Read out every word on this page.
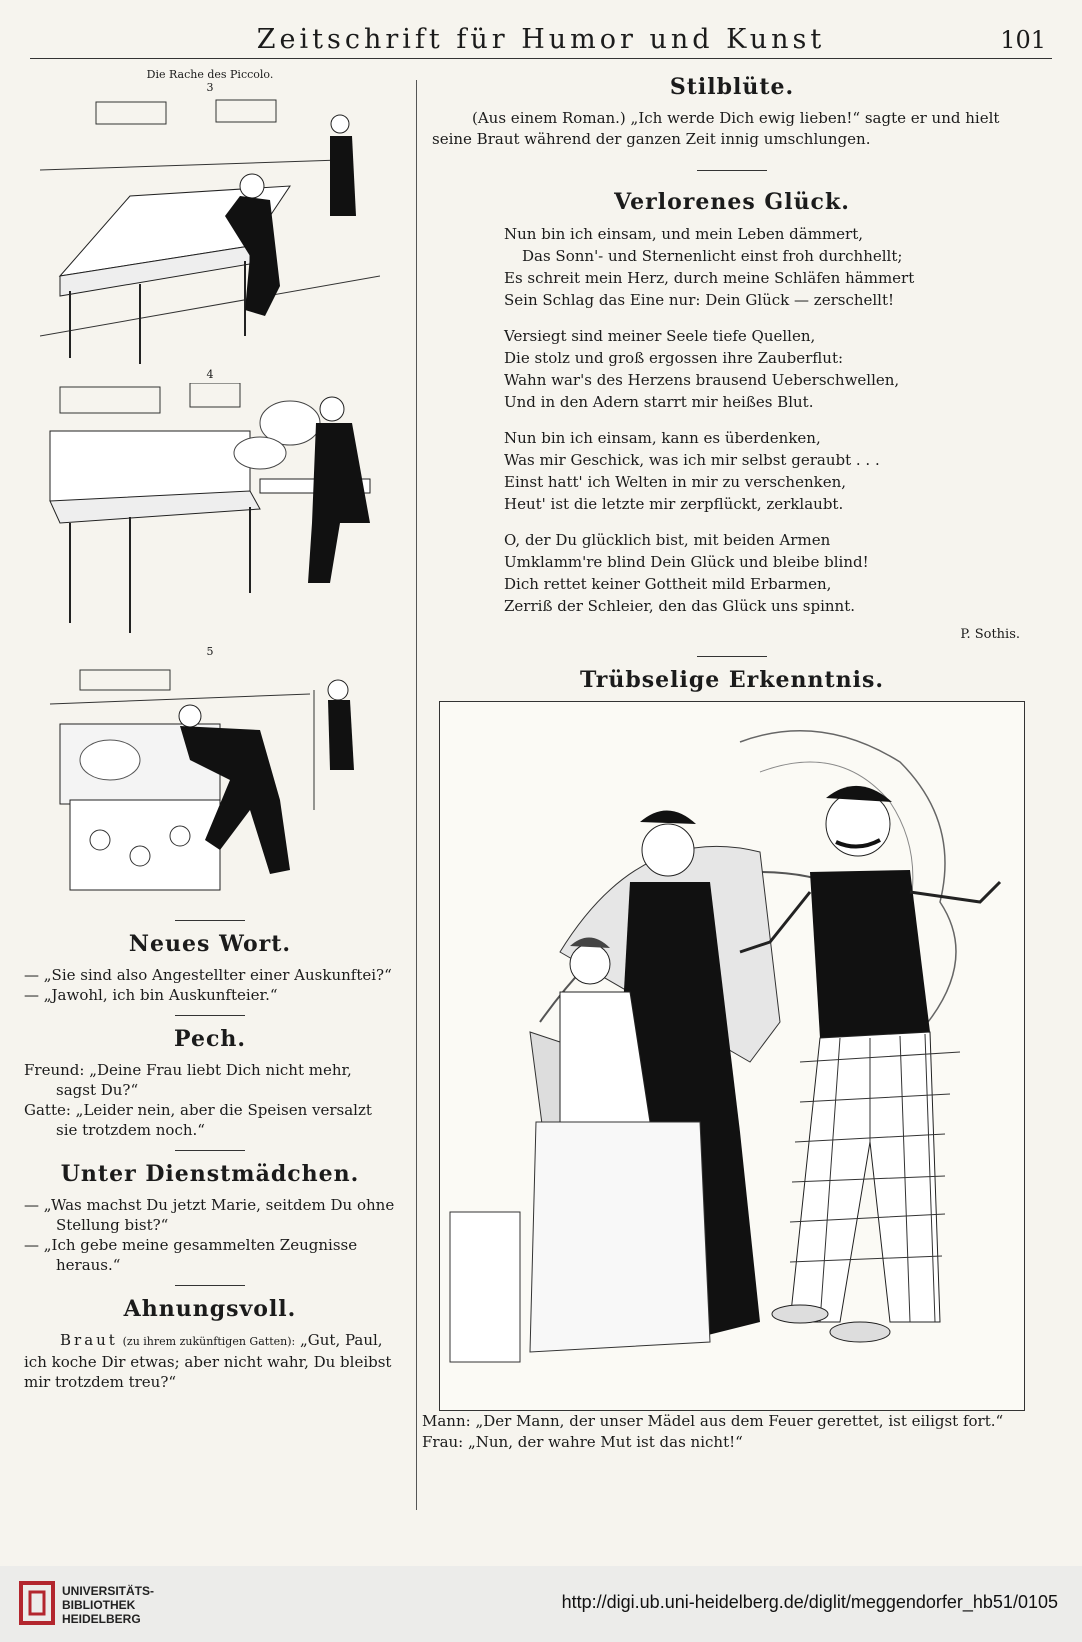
Zeitschrift für Humor und Kunst	101
Die Rache des Piccolo.
3
4
5
Neues Wort.

— „Sie sind also Angestellter einer Auskunftei?“

— „Jawohl, ich bin Auskunfteier.“

Pech.

Freund: „Deine Frau liebt Dich nicht mehr, sagst Du?“

Gatte: „Leider nein, aber die Speisen versalzt sie trotzdem noch.“

Unter Dienstmädchen.

— „Was machst Du jetzt Marie, seitdem Du ohne Stellung bist?“

— „Ich gebe meine gesammelten Zeugnisse heraus.“

Ahnungsvoll.

Braut (zu ihrem zukünftigen Gatten): „Gut, Paul, ich koche Dir etwas; aber nicht wahr, Du bleibst mir trotzdem treu?“

Stilblüte.

(Aus einem Roman.) „Ich werde Dich ewig lieben!“ sagte er und hielt seine Braut während der ganzen Zeit innig umschlungen.

Verlorenes Glück.
Nun bin ich einsam, und mein Leben dämmert,
Das Sonn'- und Sternenlicht einst froh durchhellt;
Es schreit mein Herz, durch meine Schläfen hämmert
Sein Schlag das Eine nur: Dein Glück — zerschellt!
Versiegt sind meiner Seele tiefe Quellen,
Die stolz und groß ergossen ihre Zauberflut:
Wahn war's des Herzens brausend Ueberschwellen,
Und in den Adern starrt mir heißes Blut.
Nun bin ich einsam, kann es überdenken,
Was mir Geschick, was ich mir selbst geraubt . . .
Einst hatt' ich Welten in mir zu verschenken,
Heut' ist die letzte mir zerpflückt, zerklaubt.
O, der Du glücklich bist, mit beiden Armen
Umklamm're blind Dein Glück und bleibe blind!
Dich rettet keiner Gottheit mild Erbarmen,
Zerriß der Schleier, den das Glück uns spinnt.
P. Sothis.
Trübselige Erkenntnis.

Mann: „Der Mann, der unser Mädel aus dem Feuer gerettet, ist eiligst fort.“

Frau: „Nun, der wahre Mut ist das nicht!“

UNIVERSITÄTS-
BIBLIOTHEK
HEIDELBERG
http://digi.ub.uni-heidelberg.de/diglit/meggendorfer_hb51/0105
